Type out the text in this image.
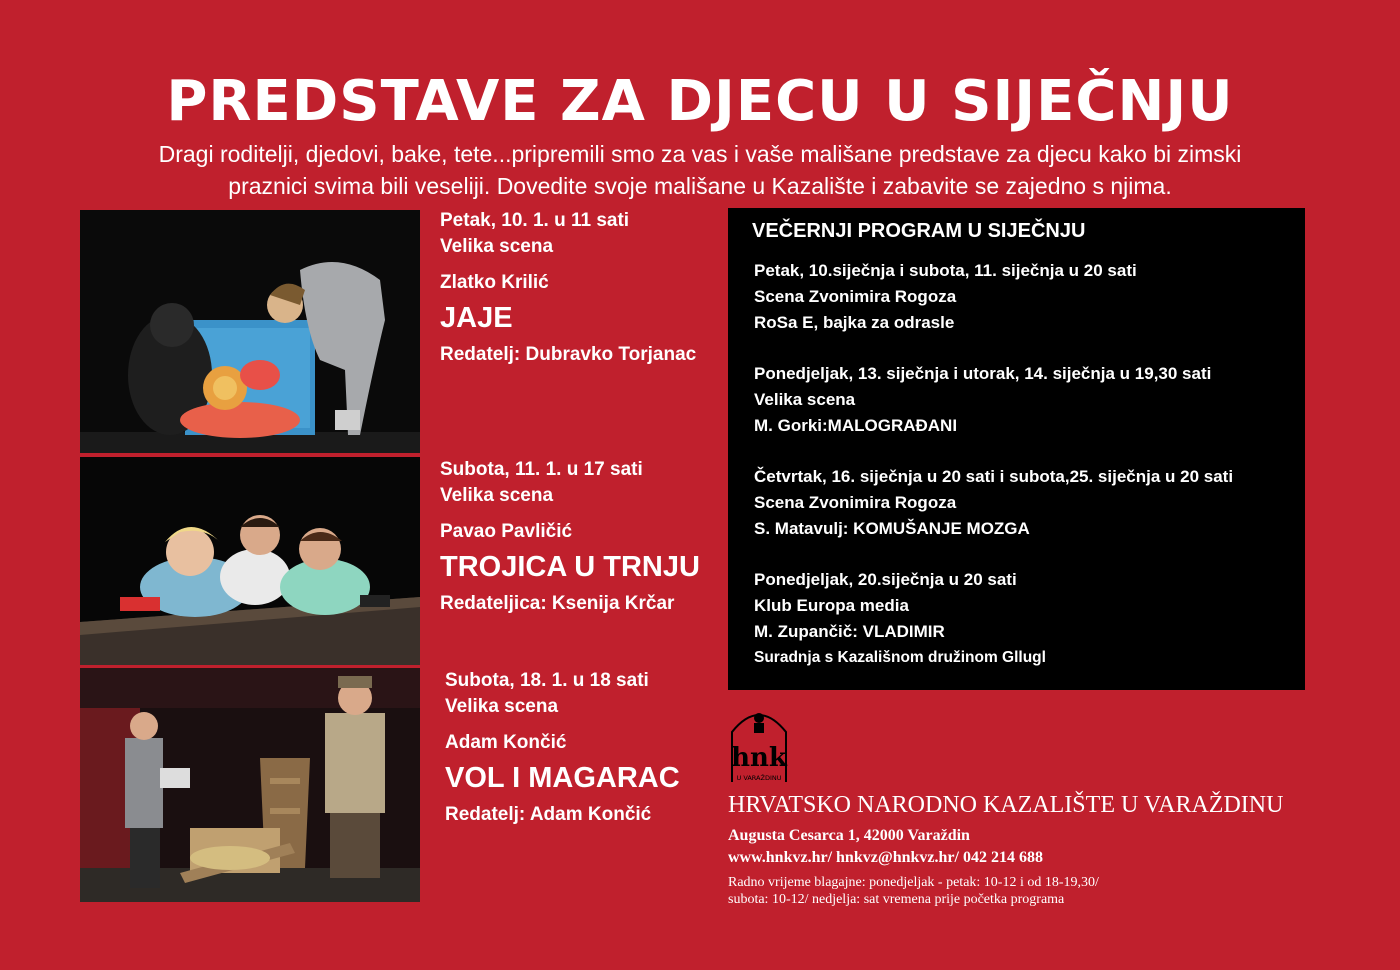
PREDSTAVE ZA DJECU U SIJEČNJU
Dragi roditelji, djedovi, bake, tete...pripremili smo za vas i vaše mališane predstave za djecu kako bi zimski
praznici svima bili veseliji. Dovedite svoje mališane u Kazalište i zabavite se zajedno s njima.
Petak, 10. 1. u 11 sati
Velika scena
Zlatko Krilić
JAJE
Redatelj: Dubravko Torjanac
Subota, 11. 1. u 17 sati
Velika scena
Pavao Pavličić
TROJICA U TRNJU
Redateljica: Ksenija Krčar
Subota, 18. 1. u 18 sati
Velika scena
Adam Končić
VOL I MAGARAC
Redatelj: Adam Končić
VEČERNJI PROGRAM U SIJEČNJU
Petak, 10.siječnja i subota, 11. siječnja u 20 sati
Scena Zvonimira Rogoza
RoSa E, bajka za odrasle
Ponedjeljak, 13. siječnja i utorak, 14. siječnja u 19,30 sati
Velika scena
M. Gorki:MALOGRAĐANI
Četvrtak, 16. siječnja u 20 sati i subota,25. siječnja u 20 sati
Scena Zvonimira Rogoza
S. Matavulj: KOMUŠANJE MOZGA
Ponedjeljak, 20.siječnja u 20 sati
Klub Europa media
M. Zupančič: VLADIMIR
Suradnja s Kazališnom družinom Gllugl
hnk
U VARAŽDINU
HRVATSKO NARODNO KAZALIŠTE U VARAŽDINU
Augusta Cesarca 1, 42000 Varaždin
www.hnkvz.hr/ hnkvz@hnkvz.hr/ 042 214 688
Radno vrijeme blagajne: ponedjeljak - petak: 10-12 i od 18-19,30/
subota: 10-12/ nedjelja: sat vremena prije početka programa
